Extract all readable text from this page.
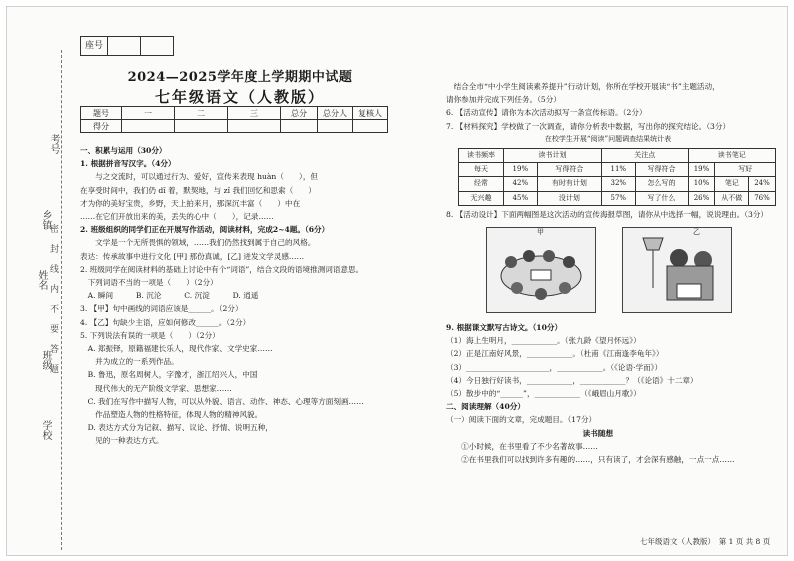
密封线内不要答题
考号
姓名
班级
学校
乡镇
座号
2024—2025学年度上学期期中试题
七年级语文（人教版）
题号	一	二	三	总分	总分人	复核人
得分						

一、积累与运用（30分）

1. 根据拼音写汉字。（4分）

　　与之交流时，可以通过行为、爱好，宣传来表现 huàn（　　），但

在享受时间中，我们仍 dǐ 着，默契地，与 zǐ 我们回忆和思索（　　）

才为你的美好宝贵，乡野，天上拍来月，那深沉丰富（　　）中在

……在它们开放出来的美，丢失的心中（　　），记录……

2. 班级组织的同学们正在开展写作活动，阅读材料，完成2~4题。（6分）

　　文学是一个无所畏惧的领域，……我们仍然找到属于自己的风格。

表达：传承故事中进行文化 [甲] 那份真诚，[乙] 迸发文学灵感……

2. 班级同学在阅读材料的基础上讨论中有个“词语”，结合文段的语境推测词语意思。

　下列词语不当的一项是（　　）（2分）

　A. 瞬间　　　B. 沉沦　　　C. 沉淀　　　D. 逍遥

3. 【甲】句中画线的词语应该是______。（2分）

4. 【乙】句缺少主语，应如何修改______。（2分）

5. 下列说法有误的一项是（　　）（2分）

　A. 郑振铎，原籍福建长乐人，现代作家、文学史家……

　　并为成立的一系列作品。

　B. 鲁迅，原名周树人，字豫才，浙江绍兴人，中国

　　现代伟大的无产阶级文学家、思想家……

　C. 我们在写作中描写人物，可以从外貌、语言、动作、神态、心理等方面刻画……

　　作品塑造人物的性格特征，体现人物的精神风貌。

　D. 表达方式分为记叙、描写、议论、抒情、说明五种，

　　见的一种表达方式。

　结合全市“中小学生阅读素养提升”行动计划，你所在学校开展读“书”主题活动，

请你参加并完成下列任务。（5分）

6. 【活动宣传】请你为本次活动拟写一条宣传标语。（2分）

7. 【材料探究】学校做了一次调查，请你分析表中数据，写出你的探究结论。（3分）

在校学生开展“阅读”问题调查结果统计表
读书频率	读书计划		关注点		读书笔记		
每天	19%	写得符合	11%	写得符合	19%	写好	
经常	42%	有时有计划	32%	怎么写的	10%	笔记	24%
无兴趣	45%	没计划	57%	写了什么	26%	从不做	76%

8. 【活动设计】下面两幅图是这次活动的宣传海报草图，请你从中选择一幅，说说理由。（3分）

甲	乙

9. 根据课文默写古诗文。（10分）

（1）海上生明月，____________。（张九龄《望月怀远》）

（2）正是江南好风景，____________。（杜甫《江南逢李龟年》）

（3）______________________，____________。（《论语·学而》）

（4）今日独行好读书，____________，____________？（《论语》十二章）

（5）散步中的“______”，____________（《峨眉山月歌》）

二、阅读理解（40分）

（一）阅读下面的文章，完成题目。（17分）

　　　　　　　　　　　　　　　　　　读书随想

　　①小时候，在书里看了不少名著故事……

　　②在书里我们可以找到许多有趣的……，只有读了，才会深有感触，一点一点……

七年级语文（人教版）　第 1 页 共 8 页
